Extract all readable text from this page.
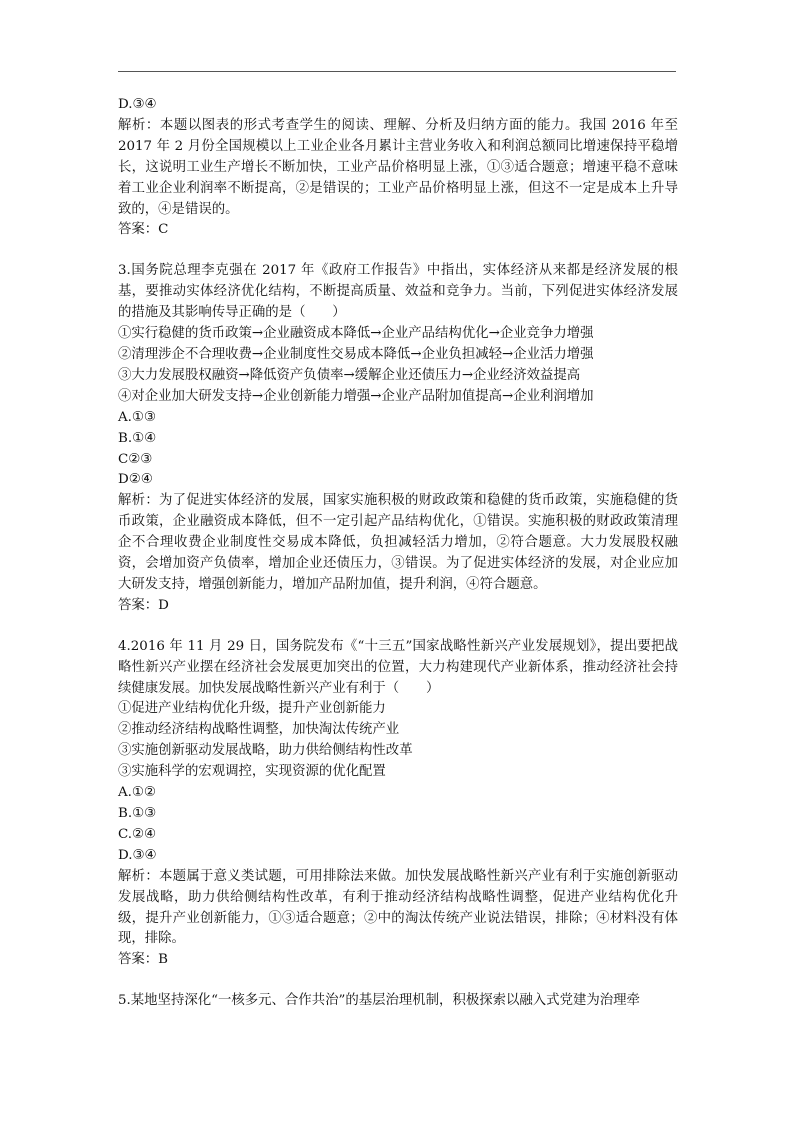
D.③④

解析：本题以图表的形式考查学生的阅读、理解、分析及归纳方面的能力。我国 2016 年至 2017 年 2 月份全国规模以上工业企业各月累计主营业务收入和利润总额同比增速保持平稳增长，这说明工业生产增长不断加快，工业产品价格明显上涨，①③适合题意；增速平稳不意味着工业企业利润率不断提高，②是错误的；工业产品价格明显上涨，但这不一定是成本上升导致的，④是错误的。

答案：C

3.国务院总理李克强在 2017 年《政府工作报告》中指出，实体经济从来都是经济发展的根基，要推动实体经济优化结构，不断提高质量、效益和竞争力。当前，下列促进实体经济发展的措施及其影响传导正确的是（　　）

①实行稳健的货币政策→企业融资成本降低→企业产品结构优化→企业竞争力增强

②清理涉企不合理收费→企业制度性交易成本降低→企业负担减轻→企业活力增强

③大力发展股权融资→降低资产负债率→缓解企业还债压力→企业经济效益提高

④对企业加大研发支持→企业创新能力增强→企业产品附加值提高→企业利润增加

A.①③

B.①④

C②③

D②④

解析：为了促进实体经济的发展，国家实施积极的财政政策和稳健的货币政策，实施稳健的货币政策，企业融资成本降低，但不一定引起产品结构优化，①错误。实施积极的财政政策清理企不合理收费企业制度性交易成本降低，负担减轻活力增加，②符合题意。大力发展股权融资，会增加资产负债率，增加企业还债压力，③错误。为了促进实体经济的发展，对企业应加大研发支持，增强创新能力，增加产品附加值，提升利润，④符合题意。

答案：D

4.2016 年 11 月 29 日，国务院发布《“十三五”国家战略性新兴产业发展规划》，提出要把战略性新兴产业摆在经济社会发展更加突出的位置，大力构建现代产业新体系，推动经济社会持续健康发展。加快发展战略性新兴产业有利于（　　）

①促进产业结构优化升级，提升产业创新能力

②推动经济结构战略性调整，加快淘汰传统产业

③实施创新驱动发展战略，助力供给侧结构性改革

③实施科学的宏观调控，实现资源的优化配置

A.①②

B.①③

C.②④

D.③④

解析：本题属于意义类试题，可用排除法来做。加快发展战略性新兴产业有利于实施创新驱动发展战略，助力供给侧结构性改革，有利于推动经济结构战略性调整，促进产业结构优化升级，提升产业创新能力，①③适合题意；②中的淘汰传统产业说法错误，排除；④材料没有体现，排除。

答案：B

5.某地坚持深化“一核多元、合作共治”的基层治理机制，积极探索以融入式党建为治理牵
